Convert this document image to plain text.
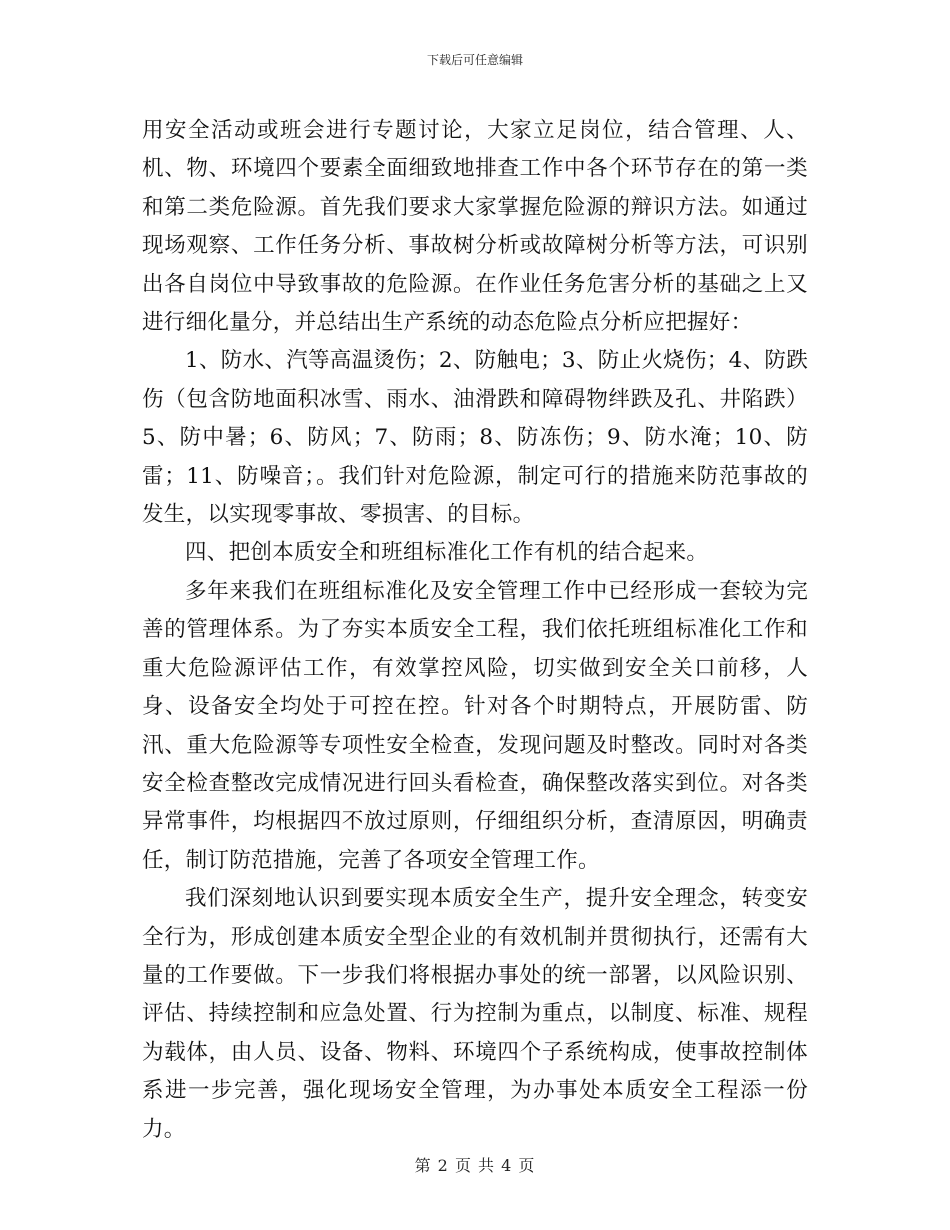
下载后可任意编辑

用安全活动或班会进行专题讨论，大家立足岗位，结合管理、人、机、物、环境四个要素全面细致地排查工作中各个环节存在的第一类和第二类危险源。首先我们要求大家掌握危险源的辩识方法。如通过现场观察、工作任务分析、事故树分析或故障树分析等方法，可识别出各自岗位中导致事故的危险源。在作业任务危害分析的基础之上又进行细化量分，并总结出生产系统的动态危险点分析应把握好：

1、防水、汽等高温烫伤；2、防触电；3、防止火烧伤；4、防跌伤（包含防地面积冰雪、雨水、油滑跌和障碍物绊跌及孔、井陷跌）5、防中暑；6、防风；7、防雨；8、防冻伤；9、防水淹；10、防雷；11、防噪音；。我们针对危险源，制定可行的措施来防范事故的发生，以实现零事故、零损害、的目标。

四、把创本质安全和班组标准化工作有机的结合起来。

多年来我们在班组标准化及安全管理工作中已经形成一套较为完善的管理体系。为了夯实本质安全工程，我们依托班组标准化工作和重大危险源评估工作，有效掌控风险，切实做到安全关口前移，人身、设备安全均处于可控在控。针对各个时期特点，开展防雷、防汛、重大危险源等专项性安全检查，发现问题及时整改。同时对各类安全检查整改完成情况进行回头看检查，确保整改落实到位。对各类异常事件，均根据四不放过原则，仔细组织分析，查清原因，明确责任，制订防范措施，完善了各项安全管理工作。

我们深刻地认识到要实现本质安全生产，提升安全理念，转变安全行为，形成创建本质安全型企业的有效机制并贯彻执行，还需有大量的工作要做。下一步我们将根据办事处的统一部署，以风险识别、评估、持续控制和应急处置、行为控制为重点，以制度、标准、规程为载体，由人员、设备、物料、环境四个子系统构成，使事故控制体系进一步完善，强化现场安全管理，为办事处本质安全工程添一份力。

第 2 页 共 4 页
